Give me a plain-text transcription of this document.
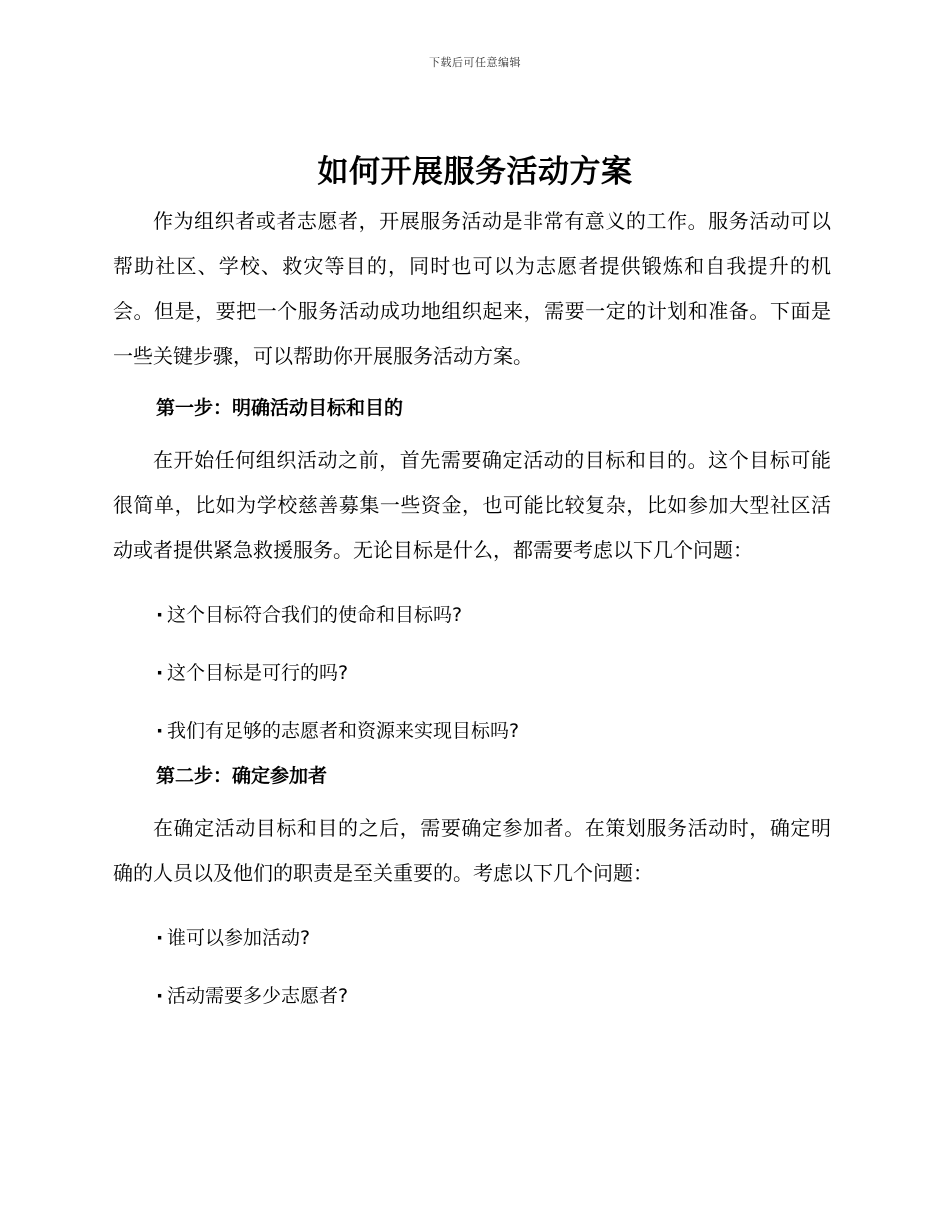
下载后可任意编辑
如何开展服务活动方案

作为组织者或者志愿者，开展服务活动是非常有意义的工作。服务活动可以帮助社区、学校、救灾等目的，同时也可以为志愿者提供锻炼和自我提升的机会。但是，要把一个服务活动成功地组织起来，需要一定的计划和准备。下面是一些关键步骤，可以帮助你开展服务活动方案。

第一步：明确活动目标和目的

在开始任何组织活动之前，首先需要确定活动的目标和目的。这个目标可能很简单，比如为学校慈善募集一些资金，也可能比较复杂，比如参加大型社区活动或者提供紧急救援服务。无论目标是什么，都需要考虑以下几个问题：

· 这个目标符合我们的使命和目标吗?
· 这个目标是可行的吗?
· 我们有足够的志愿者和资源来实现目标吗?
第二步：确定参加者

在确定活动目标和目的之后，需要确定参加者。在策划服务活动时，确定明确的人员以及他们的职责是至关重要的。考虑以下几个问题：

· 谁可以参加活动?
· 活动需要多少志愿者?
